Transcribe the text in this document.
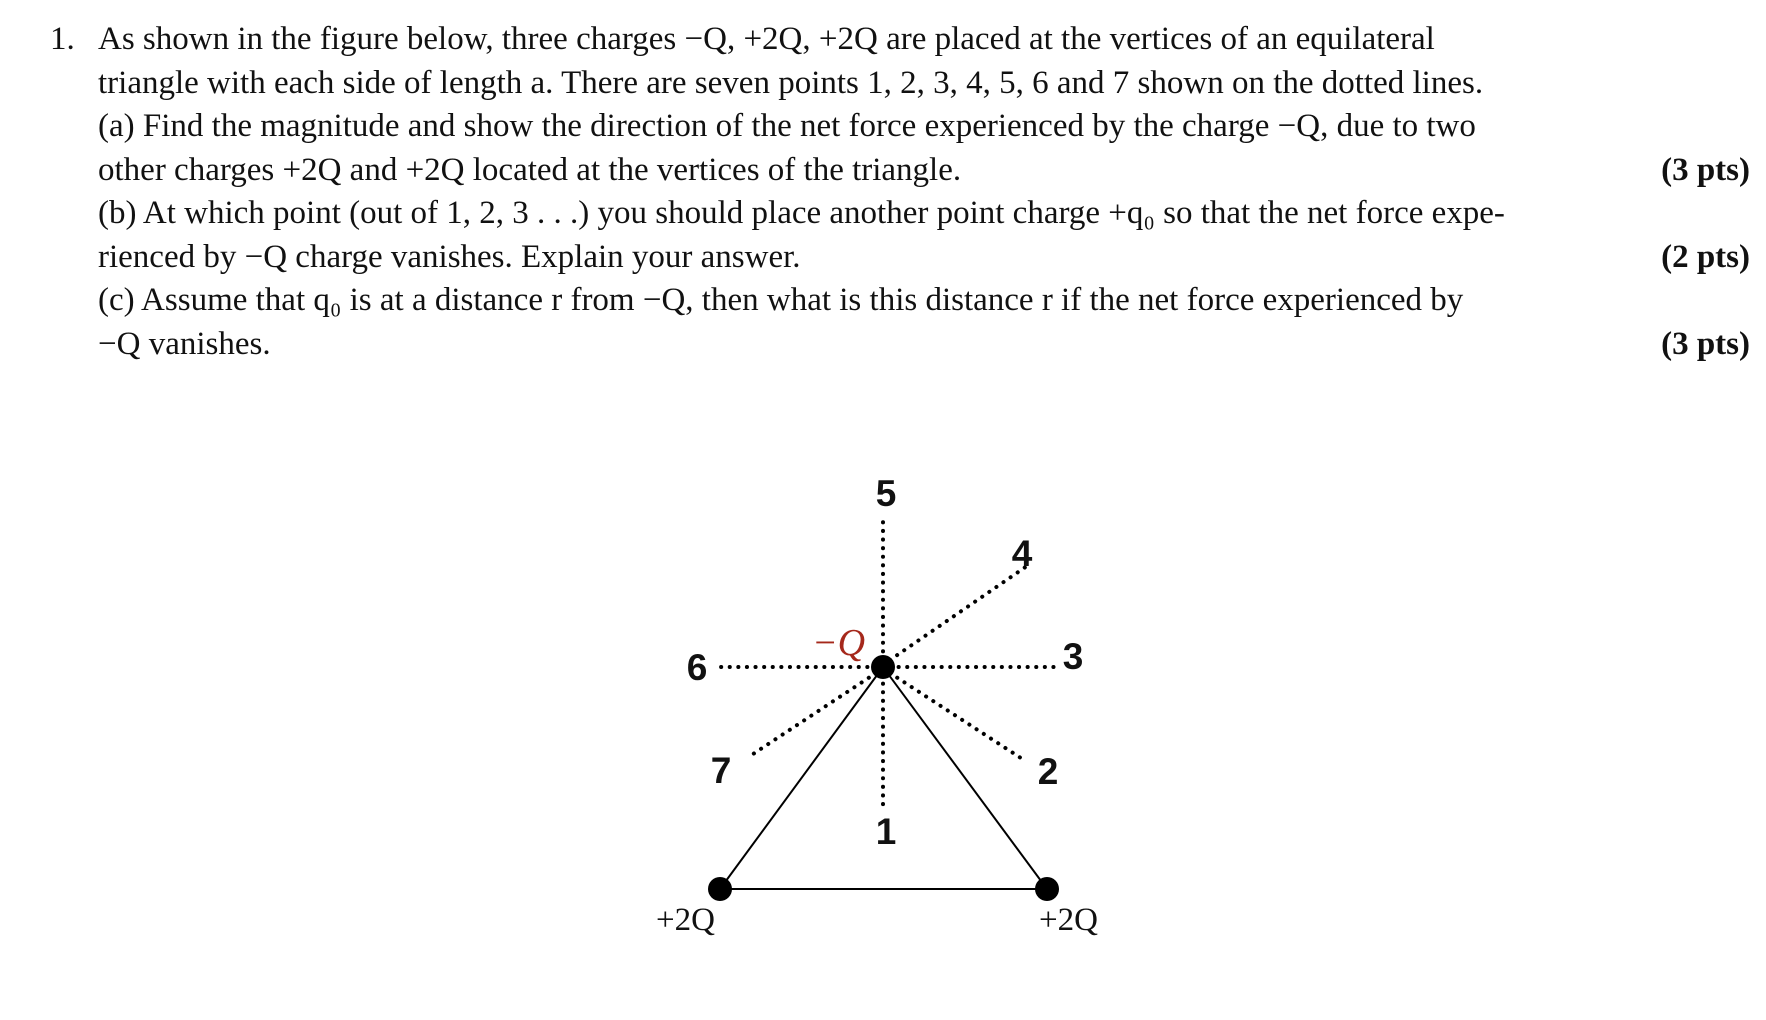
1. As shown in the figure below, three charges −Q, +2Q, +2Q are placed at the vertices of an equilateral
triangle with each side of length a. There are seven points 1, 2, 3, 4, 5, 6 and 7 shown on the dotted lines.
(a) Find the magnitude and show the direction of the net force experienced by the charge −Q, due to two
other charges +2Q and +2Q located at the vertices of the triangle.	(3 pts)
(b) At which point (out of 1, 2, 3 . . .) you should place another point charge +q₀ so that the net force expe-
rienced by −Q charge vanishes. Explain your answer.	(2 pts)
(c) Assume that q₀ is at a distance r from −Q, then what is this distance r if the net force experienced by
−Q vanishes.	(3 pts)
−Q
+2Q	+2Q
5
4
3
6
7	2
1
